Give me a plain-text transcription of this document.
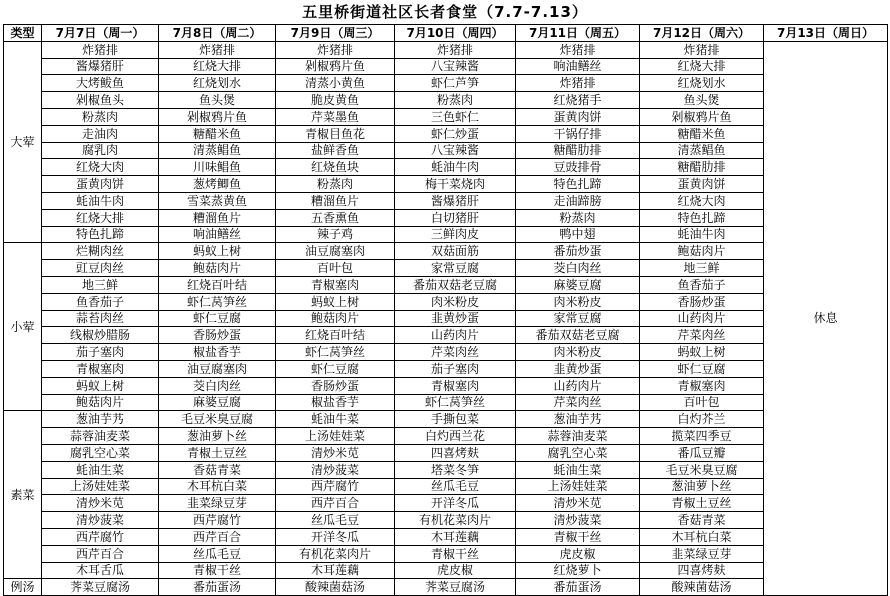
五里桥街道社区长者食堂（7.7-7.13）
类型	7月7日（周一）	7月8日（周二）	7月9日（周三）	7月10日（周四）	7月11日（周五）	7月12日（周六）	7月13日（周日）
大荤	炸猪排	炸猪排	炸猪排	炸猪排	炸猪排	炸猪排	休息
	酱爆猪肝	红烧大排	剁椒鸦片鱼	八宝辣酱	响油鳝丝	红烧大排	
	大烤鲅鱼	红烧划水	清蒸小黄鱼	虾仁芦笋	炸猪排	红烧划水	
	剁椒鱼头	鱼头煲	脆皮黄鱼	粉蒸肉	红烧猪手	鱼头煲	
	粉蒸肉	剁椒鸦片鱼	芹菜墨鱼	三色虾仁	蛋黄肉饼	剁椒鸦片鱼	
	走油肉	糖醋米鱼	青椒目鱼花	虾仁炒蛋	干锅仔排	糖醋米鱼	
	腐乳肉	清蒸鲳鱼	盐鲜香鱼	八宝辣酱	糖醋肋排	清蒸鲳鱼	
	红烧大肉	川味鲳鱼	红烧鱼块	蚝油牛肉	豆豉排骨	糖醋肋排	
	蛋黄肉饼	葱烤鲫鱼	粉蒸肉	梅干菜烧肉	特色扎蹄	蛋黄肉饼	
	蚝油牛肉	雪菜蒸黄鱼	糟溜鱼片	酱爆猪肝	走油蹄膀	红烧大肉	
	红烧大排	糟溜鱼片	五香熏鱼	白切猪肝	粉蒸肉	特色扎蹄	
	特色扎蹄	响油鳝丝	辣子鸡	三鲜肉皮	鸭中翅	蚝油牛肉	
小荤	烂糊肉丝	蚂蚁上树	油豆腐塞肉	双菇面筋	番茄炒蛋	鲍菇肉片	
	豇豆肉丝	鲍菇肉片	百叶包	家常豆腐	茭白肉丝	地三鲜	
	地三鲜	红烧百叶结	青椒塞肉	番茄双菇老豆腐	麻婆豆腐	鱼香茄子	
	鱼香茄子	虾仁莴笋丝	蚂蚁上树	肉米粉皮	肉米粉皮	香肠炒蛋	
	蒜苔肉丝	虾仁豆腐	鲍菇肉片	韭黄炒蛋	家常豆腐	山药肉片	
	线椒炒腊肠	香肠炒蛋	红烧百叶结	山药肉片	番茄双菇老豆腐	芹菜肉丝	
	茄子塞肉	椒盐香芋	虾仁莴笋丝	芹菜肉丝	肉米粉皮	蚂蚁上树	
	青椒塞肉	油豆腐塞肉	虾仁豆腐	茄子塞肉	韭黄炒蛋	虾仁豆腐	
	蚂蚁上树	茭白肉丝	香肠炒蛋	青椒塞肉	山药肉片	青椒塞肉	
	鲍菇肉片	麻婆豆腐	椒盐香芋	虾仁莴笋丝	芹菜肉丝	百叶包	
素菜	葱油芋艿	毛豆米臭豆腐	蚝油牛菜	手撕包菜	葱油芋艿	白灼芥兰	
	蒜蓉油麦菜	葱油萝卜丝	上汤娃娃菜	白灼西兰花	蒜蓉油麦菜	揽菜四季豆	
	腐乳空心菜	青椒土豆丝	清炒米苋	四喜烤麸	腐乳空心菜	番瓜豆瓣	
	蚝油生菜	香菇青菜	清炒菠菜	塔菜冬笋	蚝油生菜	毛豆米臭豆腐	
	上汤娃娃菜	木耳杭白菜	西芹腐竹	丝瓜毛豆	上汤娃娃菜	葱油萝卜丝	
	清炒米苋	韭菜绿豆芽	西芹百合	开洋冬瓜	清炒米苋	青椒土豆丝	
	清炒菠菜	西芹腐竹	丝瓜毛豆	有机花菜肉片	清炒菠菜	香菇青菜	
	西芹腐竹	西芹百合	开洋冬瓜	木耳莲藕	青椒干丝	木耳杭白菜	
	西芹百合	丝瓜毛豆	有机花菜肉片	青椒干丝	虎皮椒	韭菜绿豆芽	
	木耳舌瓜	青椒干丝	木耳莲藕	虎皮椒	红烧萝卜	四喜烤麸	
例汤	荠菜豆腐汤	番茄蛋汤	酸辣菌菇汤	荠菜豆腐汤	番茄蛋汤	酸辣菌菇汤	
